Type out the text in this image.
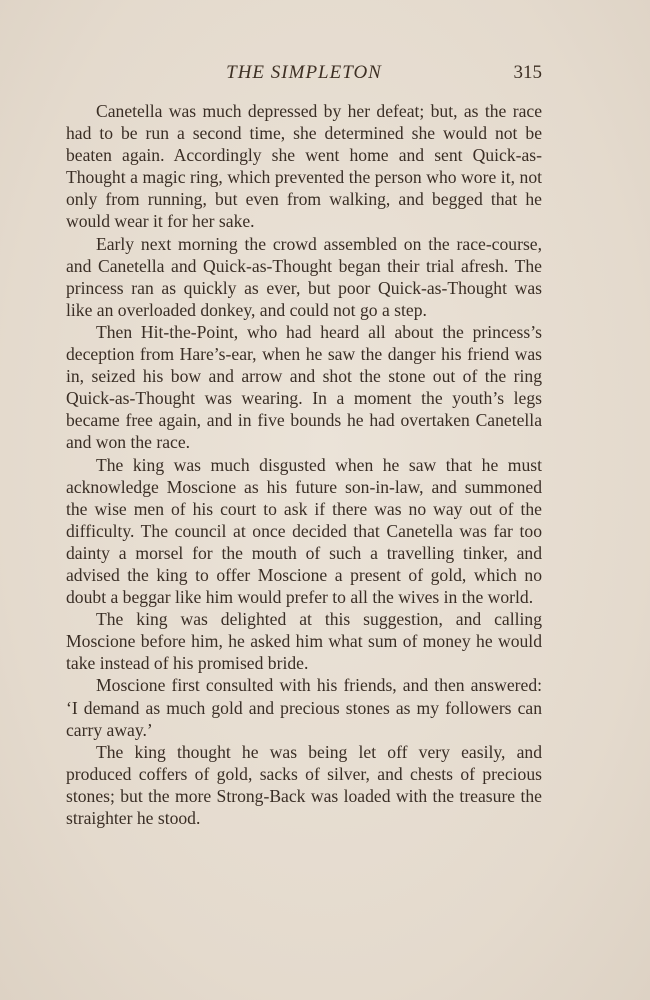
THE SIMPLETON	315

Canetella was much depressed by her defeat; but, as the race had to be run a second time, she determined she would not be beaten again. Accordingly she went home and sent Quick-as-Thought a magic ring, which prevented the person who wore it, not only from running, but even from walking, and begged that he would wear it for her sake.

Early next morning the crowd assembled on the race-course, and Canetella and Quick-as-Thought began their trial afresh. The princess ran as quickly as ever, but poor Quick-as-Thought was like an overloaded donkey, and could not go a step.

Then Hit-the-Point, who had heard all about the princess’s deception from Hare’s-ear, when he saw the danger his friend was in, seized his bow and arrow and shot the stone out of the ring Quick-as-Thought was wearing. In a moment the youth’s legs became free again, and in five bounds he had overtaken Canetella and won the race.

The king was much disgusted when he saw that he must acknowledge Moscione as his future son-in-law, and summoned the wise men of his court to ask if there was no way out of the difficulty. The council at once decided that Canetella was far too dainty a morsel for the mouth of such a travelling tinker, and advised the king to offer Moscione a present of gold, which no doubt a beggar like him would prefer to all the wives in the world.

The king was delighted at this suggestion, and calling Moscione before him, he asked him what sum of money he would take instead of his promised bride.

Moscione first consulted with his friends, and then answered: ‘I demand as much gold and precious stones as my followers can carry away.’

The king thought he was being let off very easily, and produced coffers of gold, sacks of silver, and chests of precious stones; but the more Strong-Back was loaded with the treasure the straighter he stood.
